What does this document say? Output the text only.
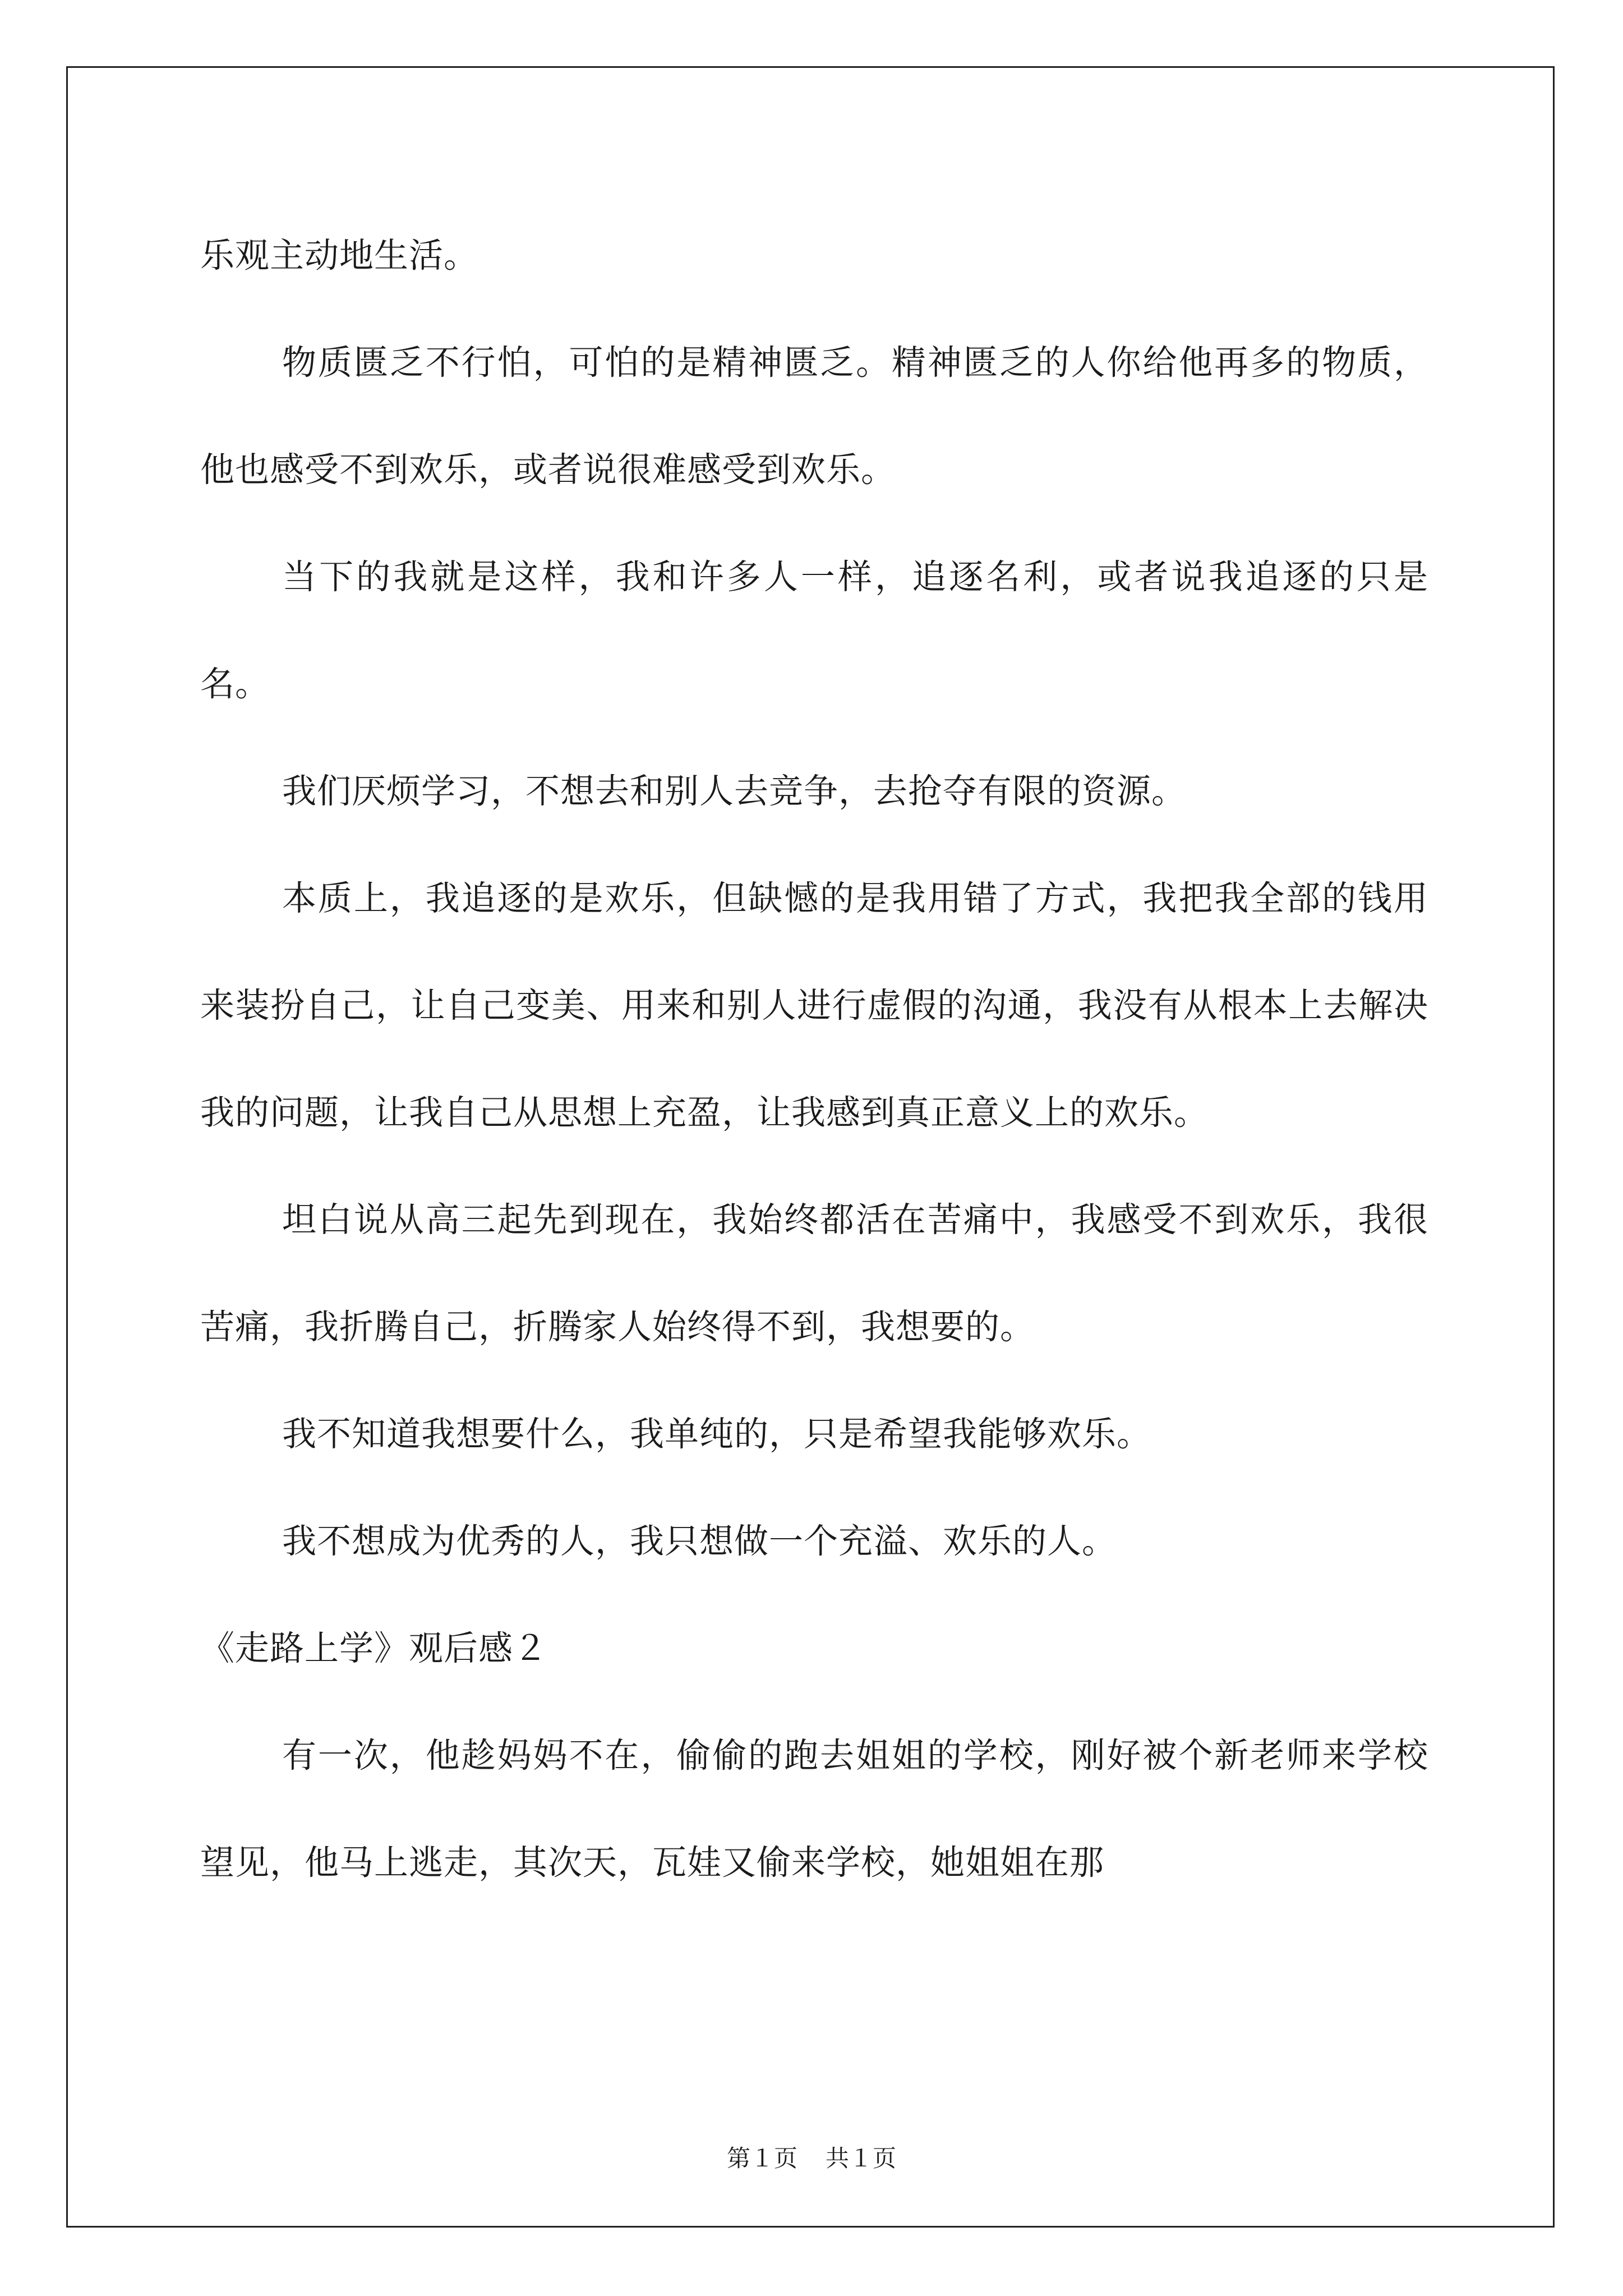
乐观主动地生活。

物质匮乏不行怕，可怕的是精神匮乏。精神匮乏的人你给他再多的物质，他也感受不到欢乐，或者说很难感受到欢乐。

当下的我就是这样，我和许多人一样，追逐名利，或者说我追逐的只是名。

我们厌烦学习，不想去和别人去竞争，去抢夺有限的资源。

本质上，我追逐的是欢乐，但缺憾的是我用错了方式，我把我全部的钱用来装扮自己，让自己变美、用来和别人进行虚假的沟通，我没有从根本上去解决我的问题，让我自己从思想上充盈，让我感到真正意义上的欢乐。

坦白说从高三起先到现在，我始终都活在苦痛中，我感受不到欢乐，我很苦痛，我折腾自己，折腾家人始终得不到，我想要的。

我不知道我想要什么，我单纯的，只是希望我能够欢乐。

我不想成为优秀的人，我只想做一个充溢、欢乐的人。

《走路上学》观后感２

有一次，他趁妈妈不在，偷偷的跑去姐姐的学校，刚好被个新老师来学校望见，他马上逃走，其次天，瓦娃又偷来学校，她姐姐在那

第１页 共１页
